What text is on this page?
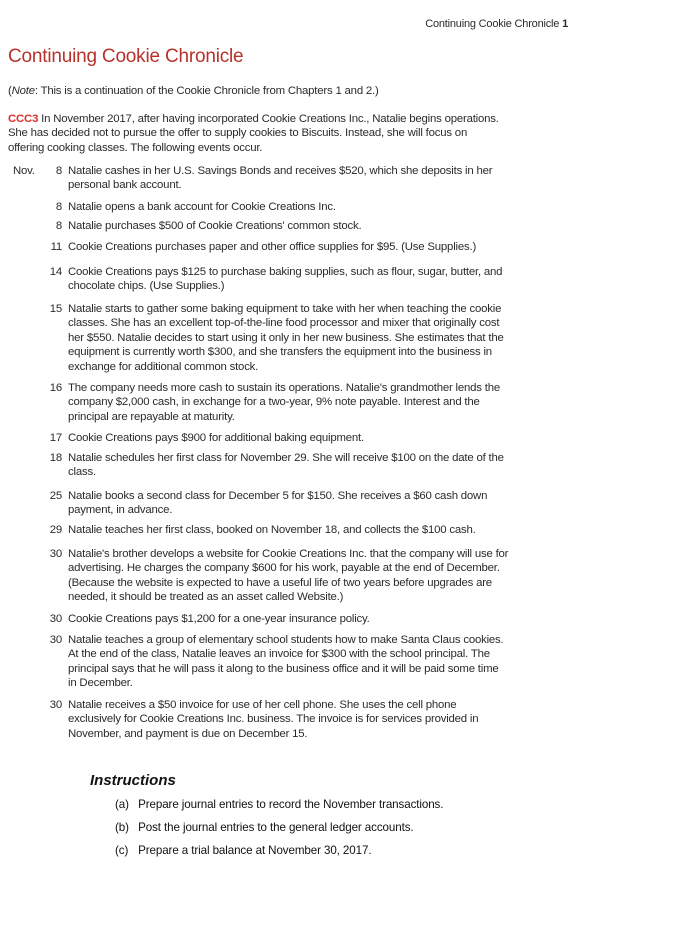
Continuing Cookie Chronicle 1
Continuing Cookie Chronicle
(Note: This is a continuation of the Cookie Chronicle from Chapters 1 and 2.)
CCC3 In November 2017, after having incorporated Cookie Creations Inc., Natalie begins operations.
She has decided not to pursue the offer to supply cookies to Biscuits. Instead, she will focus on
offering cooking classes. The following events occur.
Nov.	8 Natalie cashes in her U.S. Savings Bonds and receives $520, which she deposits in her
personal bank account.
8 Natalie opens a bank account for Cookie Creations Inc.
8 Natalie purchases $500 of Cookie Creations' common stock.
11 Cookie Creations purchases paper and other office supplies for $95. (Use Supplies.)
14 Cookie Creations pays $125 to purchase baking supplies, such as flour, sugar, butter, and
chocolate chips. (Use Supplies.)
15 Natalie starts to gather some baking equipment to take with her when teaching the cookie
classes. She has an excellent top-of-the-line food processor and mixer that originally cost
her $550. Natalie decides to start using it only in her new business. She estimates that the
equipment is currently worth $300, and she transfers the equipment into the business in
exchange for additional common stock.
16 The company needs more cash to sustain its operations. Natalie's grandmother lends the
company $2,000 cash, in exchange for a two-year, 9% note payable. Interest and the
principal are repayable at maturity.
17 Cookie Creations pays $900 for additional baking equipment.
18 Natalie schedules her first class for November 29. She will receive $100 on the date of the
class.
25 Natalie books a second class for December 5 for $150. She receives a $60 cash down
payment, in advance.
29 Natalie teaches her first class, booked on November 18, and collects the $100 cash.
30 Natalie's brother develops a website for Cookie Creations Inc. that the company will use for
advertising. He charges the company $600 for his work, payable at the end of December.
(Because the website is expected to have a useful life of two years before upgrades are
needed, it should be treated as an asset called Website.)
30 Cookie Creations pays $1,200 for a one-year insurance policy.
30 Natalie teaches a group of elementary school students how to make Santa Claus cookies.
At the end of the class, Natalie leaves an invoice for $300 with the school principal. The
principal says that he will pass it along to the business office and it will be paid some time
in December.
30 Natalie receives a $50 invoice for use of her cell phone. She uses the cell phone
exclusively for Cookie Creations Inc. business. The invoice is for services provided in
November, and payment is due on December 15.
Instructions
(a) Prepare journal entries to record the November transactions.
(b) Post the journal entries to the general ledger accounts.
(c) Prepare a trial balance at November 30, 2017.
